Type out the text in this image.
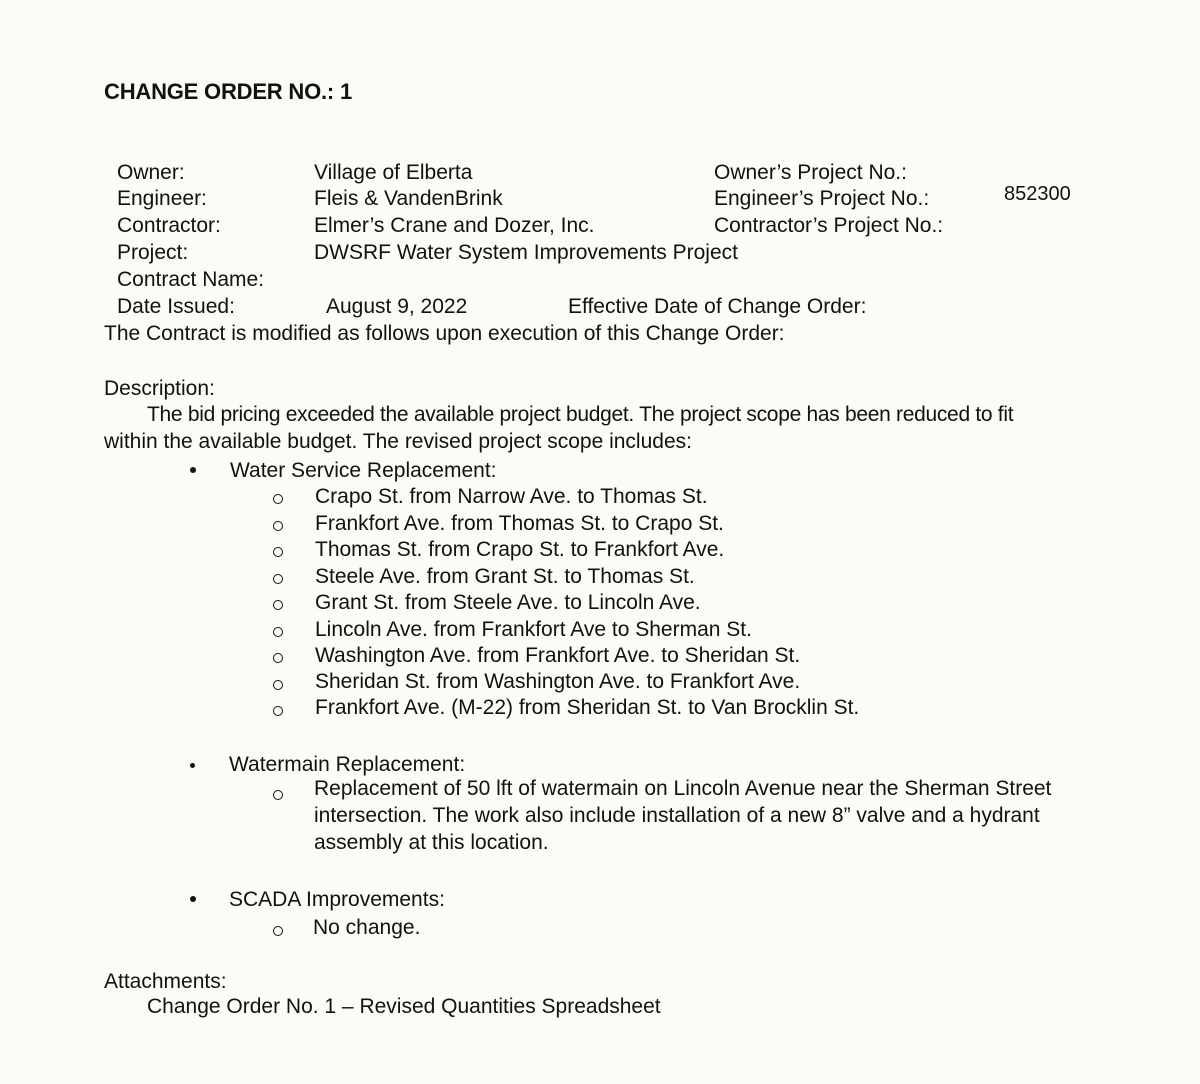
CHANGE ORDER NO.: 1
Owner:	Village of Elberta	Owner’s Project No.:
Engineer:	Fleis & VandenBrink	Engineer’s Project No.:	852300
Contractor:	Elmer’s Crane and Dozer, Inc.	Contractor’s Project No.:
Project:	DWSRF Water System Improvements Project
Contract Name:
Date Issued:	August 9, 2022	Effective Date of Change Order:
The Contract is modified as follows upon execution of this Change Order:
Description:
The bid pricing exceeded the available project budget. The project scope has been reduced to fit
within the available budget. The revised project scope includes:
Water Service Replacement:
Crapo St. from Narrow Ave. to Thomas St.
Frankfort Ave. from Thomas St. to Crapo St.
Thomas St. from Crapo St. to Frankfort Ave.
Steele Ave. from Grant St. to Thomas St.
Grant St. from Steele Ave. to Lincoln Ave.
Lincoln Ave. from Frankfort Ave to Sherman St.
Washington Ave. from Frankfort Ave. to Sheridan St.
Sheridan St. from Washington Ave. to Frankfort Ave.
Frankfort Ave. (M-22) from Sheridan St. to Van Brocklin St.
Watermain Replacement:
Replacement of 50 lft of watermain on Lincoln Avenue near the Sherman Street
intersection. The work also include installation of a new 8” valve and a hydrant
assembly at this location.
SCADA Improvements:
No change.
Attachments:
Change Order No. 1 – Revised Quantities Spreadsheet
